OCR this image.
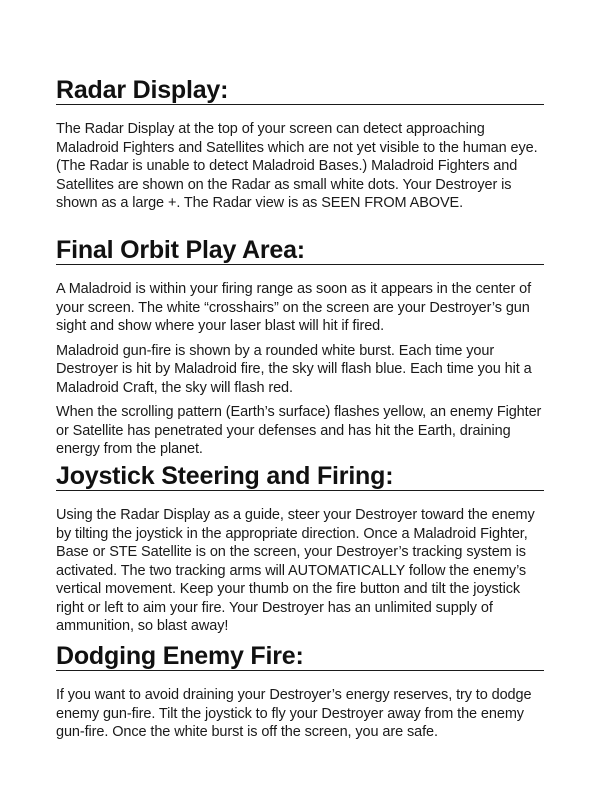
Radar Display:

The Radar Display at the top of your screen can detect approaching Maladroid Fighters and Satellites which are not yet visible to the human eye. (The Radar is unable to detect Maladroid Bases.) Maladroid Fighters and Satellites are shown on the Radar as small white dots. Your Destroyer is shown as a large +. The Radar view is as SEEN FROM ABOVE.

Final Orbit Play Area:

A Maladroid is within your firing range as soon as it appears in the center of your screen. The white “crosshairs” on the screen are your Destroyer’s gun sight and show where your laser blast will hit if fired.

Maladroid gun-fire is shown by a rounded white burst. Each time your Destroyer is hit by Maladroid fire, the sky will flash blue. Each time you hit a Maladroid Craft, the sky will flash red.

When the scrolling pattern (Earth’s surface) flashes yellow, an enemy Fighter or Satellite has penetrated your defenses and has hit the Earth, draining energy from the planet.

Joystick Steering and Firing:

Using the Radar Display as a guide, steer your Destroyer toward the enemy by tilting the joystick in the appropriate direction. Once a Maladroid Fighter, Base or STE Satellite is on the screen, your Destroyer’s tracking system is activated. The two tracking arms will AUTOMATICALLY follow the enemy’s vertical movement. Keep your thumb on the fire button and tilt the joystick right or left to aim your fire. Your Destroyer has an unlimited supply of ammunition, so blast away!

Dodging Enemy Fire:

If you want to avoid draining your Destroyer’s energy reserves, try to dodge enemy gun-fire. Tilt the joystick to fly your Destroyer away from the enemy gun-fire. Once the white burst is off the screen, you are safe.
